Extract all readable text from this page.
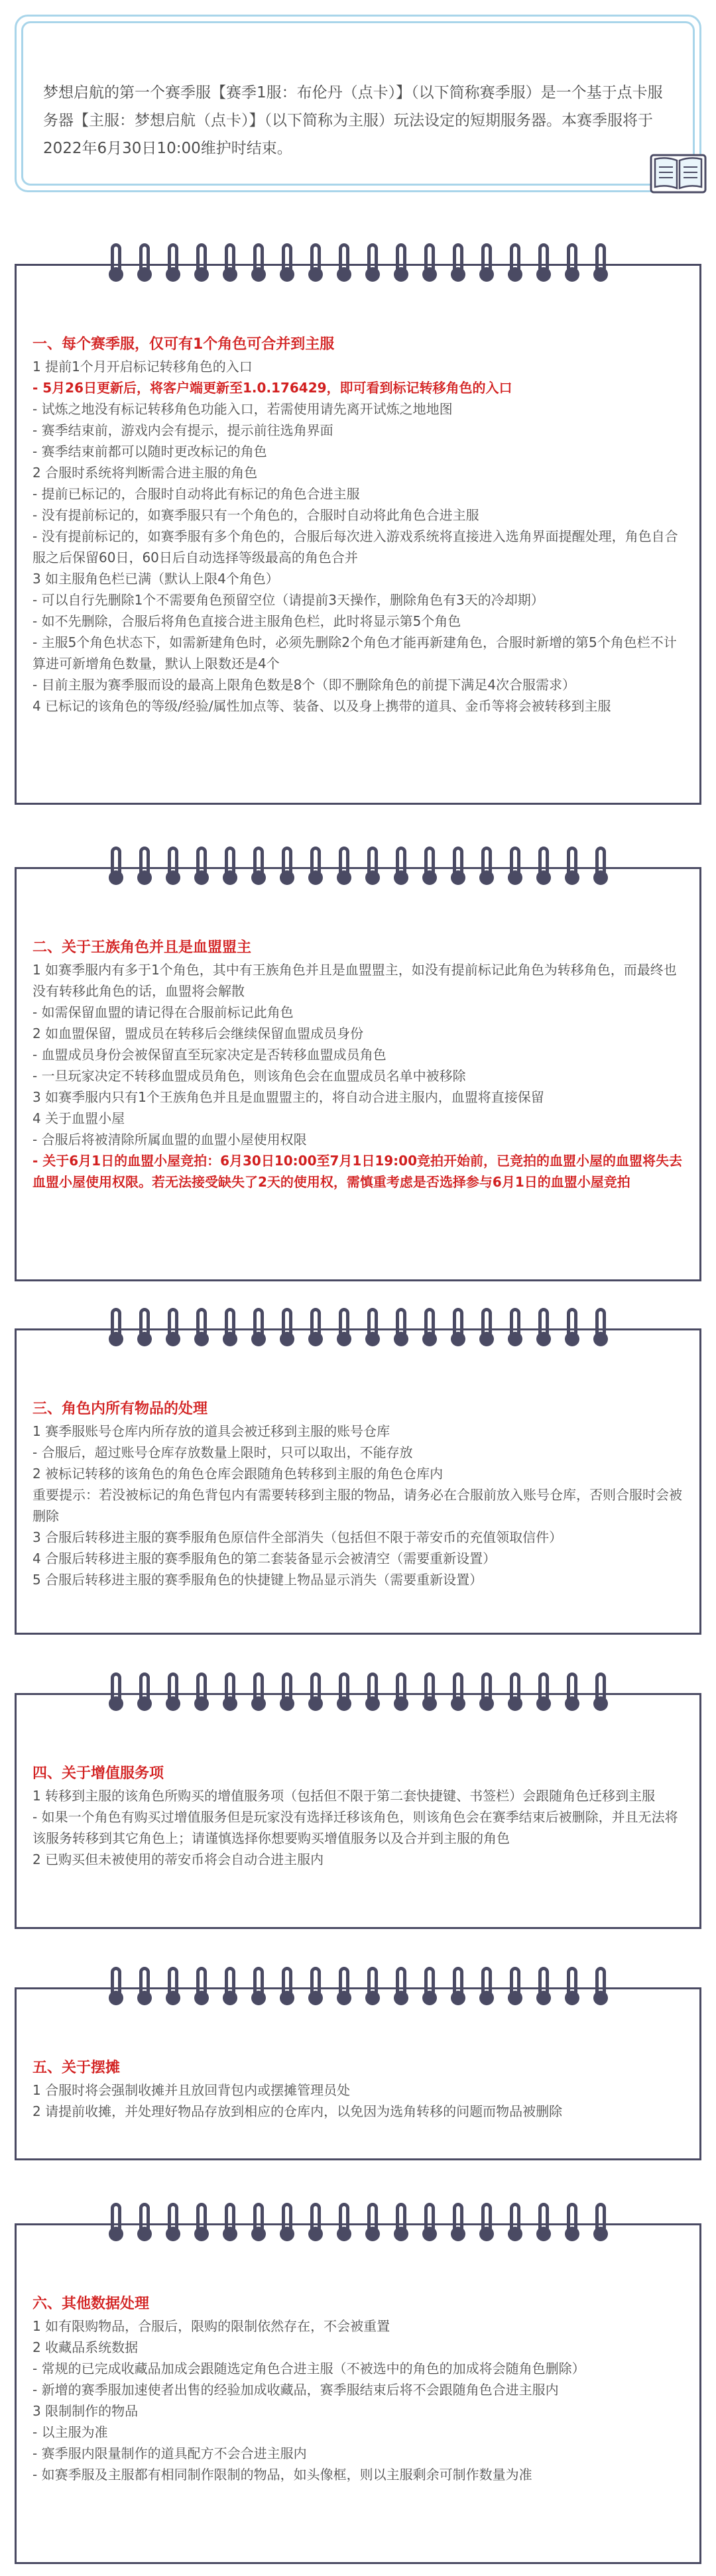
梦想启航的第一个赛季服【赛季1服：布伦丹（点卡）】（以下简称赛季服）是一个基于点卡服务器【主服：梦想启航（点卡）】（以下简称为主服）玩法设定的短期服务器。本赛季服将于2022年6月30日10:00维护时结束。

一、每个赛季服，仅可有1个角色可合并到主服

1 提前1个月开启标记转移角色的入口

- 5月26日更新后，将客户端更新至1.0.176429，即可看到标记转移角色的入口

- 试炼之地没有标记转移角色功能入口，若需使用请先离开试炼之地地图

- 赛季结束前，游戏内会有提示，提示前往选角界面

- 赛季结束前都可以随时更改标记的角色

2 合服时系统将判断需合进主服的角色

- 提前已标记的，合服时自动将此有标记的角色合进主服

- 没有提前标记的，如赛季服只有一个角色的，合服时自动将此角色合进主服

- 没有提前标记的，如赛季服有多个角色的，合服后每次进入游戏系统将直接进入选角界面提醒处理，角色自合服之后保留60日，60日后自动选择等级最高的角色合并

3 如主服角色栏已满（默认上限4个角色）

- 可以自行先删除1个不需要角色预留空位（请提前3天操作，删除角色有3天的冷却期）

- 如不先删除，合服后将角色直接合进主服角色栏，此时将显示第5个角色

- 主服5个角色状态下，如需新建角色时，必须先删除2个角色才能再新建角色，合服时新增的第5个角色栏不计算进可新增角色数量，默认上限数还是4个

- 目前主服为赛季服而设的最高上限角色数是8个（即不删除角色的前提下满足4次合服需求）

4 已标记的该角色的等级/经验/属性加点等、装备、以及身上携带的道具、金币等将会被转移到主服

二、关于王族角色并且是血盟盟主

1 如赛季服内有多于1个角色，其中有王族角色并且是血盟盟主，如没有提前标记此角色为转移角色，而最终也没有转移此角色的话，血盟将会解散

- 如需保留血盟的请记得在合服前标记此角色

2 如血盟保留，盟成员在转移后会继续保留血盟成员身份

- 血盟成员身份会被保留直至玩家决定是否转移血盟成员角色

- 一旦玩家决定不转移血盟成员角色，则该角色会在血盟成员名单中被移除

3 如赛季服内只有1个王族角色并且是血盟盟主的，将自动合进主服内，血盟将直接保留

4 关于血盟小屋

- 合服后将被清除所属血盟的血盟小屋使用权限

- 关于6月1日的血盟小屋竞拍：6月30日10:00至7月1日19:00竞拍开始前，已竞拍的血盟小屋的血盟将失去血盟小屋使用权限。若无法接受缺失了2天的使用权，需慎重考虑是否选择参与6月1日的血盟小屋竞拍

三、角色内所有物品的处理

1 赛季服账号仓库内所存放的道具会被迁移到主服的账号仓库

- 合服后，超过账号仓库存放数量上限时，只可以取出，不能存放

2 被标记转移的该角色的角色仓库会跟随角色转移到主服的角色仓库内

重要提示：若没被标记的角色背包内有需要转移到主服的物品，请务必在合服前放入账号仓库，否则合服时会被删除

3 合服后转移进主服的赛季服角色原信件全部消失（包括但不限于蒂安币的充值领取信件）

4 合服后转移进主服的赛季服角色的第二套装备显示会被清空（需要重新设置）

5 合服后转移进主服的赛季服角色的快捷键上物品显示消失（需要重新设置）

四、关于增值服务项

1 转移到主服的该角色所购买的增值服务项（包括但不限于第二套快捷键、书签栏）会跟随角色迁移到主服

- 如果一个角色有购买过增值服务但是玩家没有选择迁移该角色，则该角色会在赛季结束后被删除，并且无法将该服务转移到其它角色上；请谨慎选择你想要购买增值服务以及合并到主服的角色

2 已购买但未被使用的蒂安币将会自动合进主服内

五、关于摆摊

1 合服时将会强制收摊并且放回背包内或摆摊管理员处

2 请提前收摊，并处理好物品存放到相应的仓库内，以免因为选角转移的问题而物品被删除

六、其他数据处理

1 如有限购物品，合服后，限购的限制依然存在，不会被重置

2 收藏品系统数据

- 常规的已完成收藏品加成会跟随选定角色合进主服（不被选中的角色的加成将会随角色删除）

- 新增的赛季服加速使者出售的经验加成收藏品，赛季服结束后将不会跟随角色合进主服内

3 限制制作的物品

- 以主服为准

- 赛季服内限量制作的道具配方不会合进主服内

- 如赛季服及主服都有相同制作限制的物品，如头像框，则以主服剩余可制作数量为准
